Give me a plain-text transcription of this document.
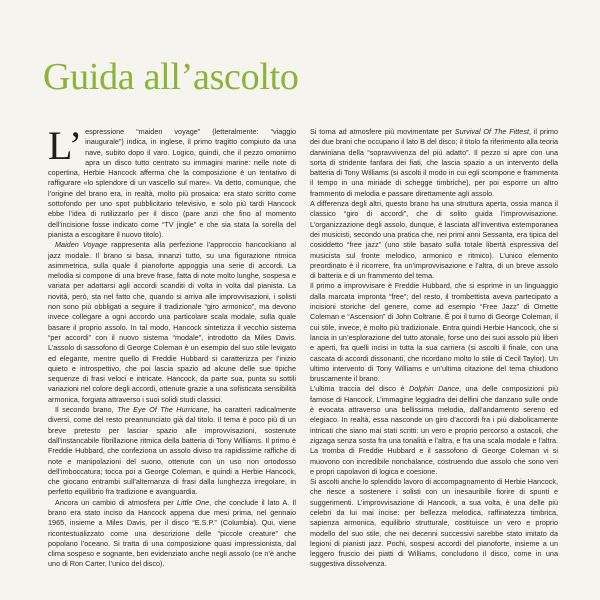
Guida all’ascolto

L’ espressione “maiden voyage” (letteralmente: “viaggio inaugurale”) indica, in inglese, il primo tragitto compiuto da una nave, subito dopo il varo. Logico, quindi, che il pezzo omonimo apra un disco tutto centrato su immagini marine: nelle note di copertina, Herbie Hancock afferma che la composizione è un tentativo di raffigurare «lo splendore di un vascello sul mare». Va detto, comunque, che l’origine del brano era, in realtà, molto più prosaica: era stato scritto come sottofondo per uno spot pubblicitario televisivo, e solo più tardi Hancock ebbe l’idea di rutilizzarlo per il disco (pare anzi che fino al momento dell’incisione fosse indicato come “TV jingle” e che sia stata la sorella del pianista a escogitare il nuovo titolo).

Maiden Voyage rappresenta alla perfezione l’approccio hancockiano al jazz modale. Il brano si basa, innanzi tutto, su una figurazione ritmica asimmetrica, sulla quale il pianoforte appoggia una serie di accordi. La melodia si compone di una breve frase, fatta di note molto lunghe, sospesa e variata per adattarsi agli accordi scanditi di volta in volta dal pianista. La novità, però, sta nel fatto che, quando si arriva alle improvvisazioni, i solisti non sono più obbligati a seguire il tradizionale “giro armonico”, ma devono invece collegare a ogni accordo una particolare scala modale, sulla quale basare il proprio assolo. In tal modo, Hancock sintetizza il vecchio sistema “per accordi” con il nuovo sistema “modale”, introdotto da Miles Davis. L’assolo di sassofono di George Coleman è un esempio del suo stile levigato ed elegante, mentre quello di Freddie Hubbard si caratterizza per l’inizio quieto e introspettivo, che poi lascia spazio ad alcune delle sue tipiche sequenze di frasi veloci e intricate. Hancock, da parte sua, punta su sottili variazioni nel colore degli accordi, ottenute grazie a una sofisticata sensibilità armonica, forgiata attraverso i suoi solidi studi classici.

Il secondo brano, The Eye Of The Hurricane, ha caratteri radicalmente diversi, come del resto preannunciato già dal titolo. Il tema è poco più di un breve pretesto per lasciar spazio alle improvvisazioni, sostenute dall’instancabile fibrillazione ritmica della batteria di Tony Williams. Il primo è Freddie Hubbard, che confeziona un assolo diviso tra rapidissime raffiche di note e manipolazioni del suono, ottenute con un uso non ortodosso dell’imboccatura; tocca poi a George Coleman, e quindi a Herbie Hancock, che giocano entrambi sull’alternanza di frasi dalla lunghezza irregolare, in perfetto equilibrio fra tradizione e avanguardia.

Ancora un cambio di atmosfera per Little One, che conclude il lato A. Il brano era stato inciso da Hancock appena due mesi prima, nel gennaio 1965, insieme a Miles Davis, per il disco “E.S.P.” (Columbia). Qui, viene ricontestualizzato come una descrizione delle “piccole creature” che popolano l’oceano. Si tratta di una composizione quasi impressionista, dal clima sospeso e sognante, ben evidenziato anche negli assolo (ce n’è anche uno di Ron Carter, l’unico del disco).

Si torna ad atmosfere più movimentate per Survival Of The Fittest, il primo dei due brani che occupano il lato B del disco; il titolo fa riferimento alla teoria darwiniana della “sopravvivenza del più adatto”. Il pezzo si apre con una sorta di stridente fanfara dei fiati, che lascia spazio a un intervento della batteria di Tony Williams (si ascolti il modo in cui egli scompone e frammenta il tempo in una miriade di schegge timbriche), per poi esporre un altro frammento di melodia e passare direttamente agli assolo.

A differenza degli altri, questo brano ha una struttura aperta, ossia manca il classico “giro di accordi”, che di solito guida l’improvvisazione. L’organizzazione degli assolo, dunque, è lasciata all’inventiva estemporanea dei musicisti, secondo una pratica che, nei primi anni Sessanta, era tipica del cosiddetto “free jazz” (uno stile basato sulla totale libertà espressiva del musicista sul fronte melodico, armonico e ritmico). L’unico elemento preordinato è il ricorrere, fra un’improvvisazione e l’altra, di un breve assolo di batteria e di un frammento del tema.

Il primo a improvvisare è Freddie Hubbard, che si esprime in un linguaggio dalla marcata impronta “free”; del resto, il trombettista aveva partecipato a incisioni storiche del genere, come ad esempio “Free Jazz” di Ornette Coleman e “Ascension” di John Coltrane. È poi il turno di George Coleman, il cui stile, invece, è molto più tradizionale. Entra quindi Herbie Hancock, che si lancia in un’esplorazione del tutto atonale, forse uno dei suoi assolo più liberi e aperti, fra quelli incisi in tutta la sua carriera (si ascolti il finale, con una cascata di accordi dissonanti, che ricordano molto lo stile di Cecil Taylor). Un ultimo intervento di Tony Williams e un’ultima citazione del tema chiudono bruscamente il brano.

L’ultima traccia del disco è Dolphin Dance, una delle composizioni più famose di Hancock. L’immagine leggiadra dei delfini che danzano sulle onde è evocata attraverso una bellissima melodia, dall’andamento sereno ed elegiaco. In realtà, essa nasconde un giro d’accordi fra i più diabolicamente intricati che siano mai stati scritti: un vero e proprio percorso a ostacoli, che zigzaga senza sosta fra una tonalità e l’altra, e fra una scala modale e l’altra. La tromba di Freddie Hubbard e il sassofono di George Coleman vi si muovono con incredibile nonchalance, costruendo due assolo che sono veri e propri capolavori di logica e coesione.

Si ascolti anche lo splendido lavoro di accompagnamento di Herbie Hancock, che riesce a sostenere i solisti con un inesauribile fiorire di spunti e suggerimenti. L’improvvisazione di Hancock, a sua volta, è una delle più celebri da lui mai incise: per bellezza melodica, raffinatezza timbrica, sapienza armonica, equilibrio strutturale, costituisce un vero e proprio modello del suo stile, che nei decenni successivi sarebbe stato imitato da legioni di pianisti jazz. Pochi, sospesi accordi del pianoforte, insieme a un leggero fruscio dei piatti di Williams, concludono il disco, come in una suggestiva dissolvenza.
